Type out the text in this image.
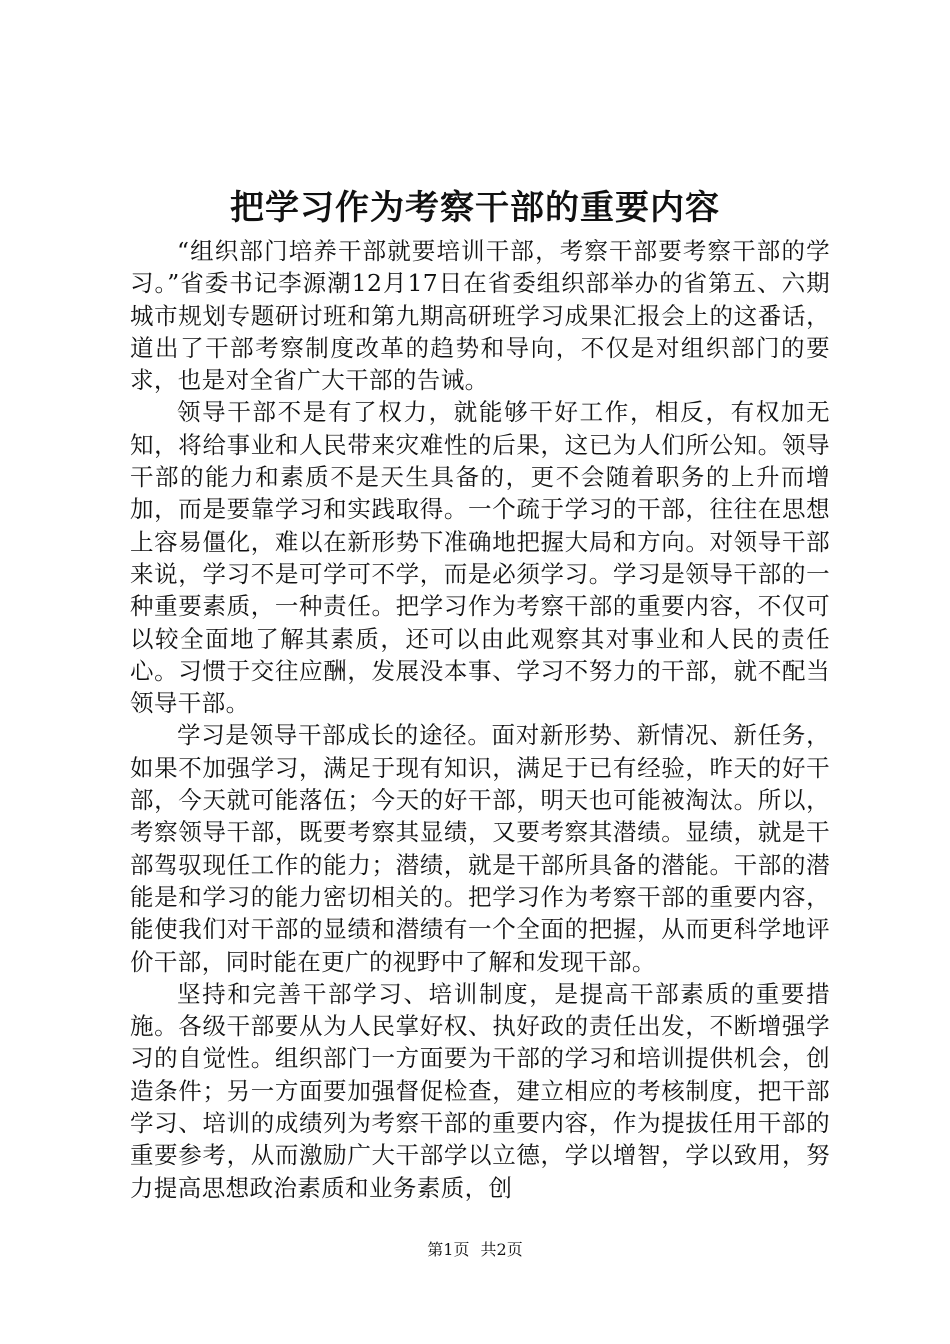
把学习作为考察干部的重要内容

“组织部门培养干部就要培训干部，考察干部要考察干部的学习。”省委书记李源潮12月17日在省委组织部举办的省第五、六期城市规划专题研讨班和第九期高研班学习成果汇报会上的这番话，道出了干部考察制度改革的趋势和导向，不仅是对组织部门的要求，也是对全省广大干部的告诫。

领导干部不是有了权力，就能够干好工作，相反，有权加无知，将给事业和人民带来灾难性的后果，这已为人们所公知。领导干部的能力和素质不是天生具备的，更不会随着职务的上升而增加，而是要靠学习和实践取得。一个疏于学习的干部，往往在思想上容易僵化，难以在新形势下准确地把握大局和方向。对领导干部来说，学习不是可学可不学，而是必须学习。学习是领导干部的一种重要素质，一种责任。把学习作为考察干部的重要内容，不仅可以较全面地了解其素质，还可以由此观察其对事业和人民的责任心。习惯于交往应酬，发展没本事、学习不努力的干部，就不配当领导干部。

学习是领导干部成长的途径。面对新形势、新情况、新任务，如果不加强学习，满足于现有知识，满足于已有经验，昨天的好干部，今天就可能落伍；今天的好干部，明天也可能被淘汰。所以，考察领导干部，既要考察其显绩，又要考察其潜绩。显绩，就是干部驾驭现任工作的能力；潜绩，就是干部所具备的潜能。干部的潜能是和学习的能力密切相关的。把学习作为考察干部的重要内容，能使我们对干部的显绩和潜绩有一个全面的把握，从而更科学地评价干部，同时能在更广的视野中了解和发现干部。

坚持和完善干部学习、培训制度，是提高干部素质的重要措施。各级干部要从为人民掌好权、执好政的责任出发，不断增强学习的自觉性。组织部门一方面要为干部的学习和培训提供机会，创造条件；另一方面要加强督促检查，建立相应的考核制度，把干部学习、培训的成绩列为考察干部的重要内容，作为提拔任用干部的重要参考，从而激励广大干部学以立德，学以增智，学以致用，努力提高思想政治素质和业务素质，创

第1页 共2页
